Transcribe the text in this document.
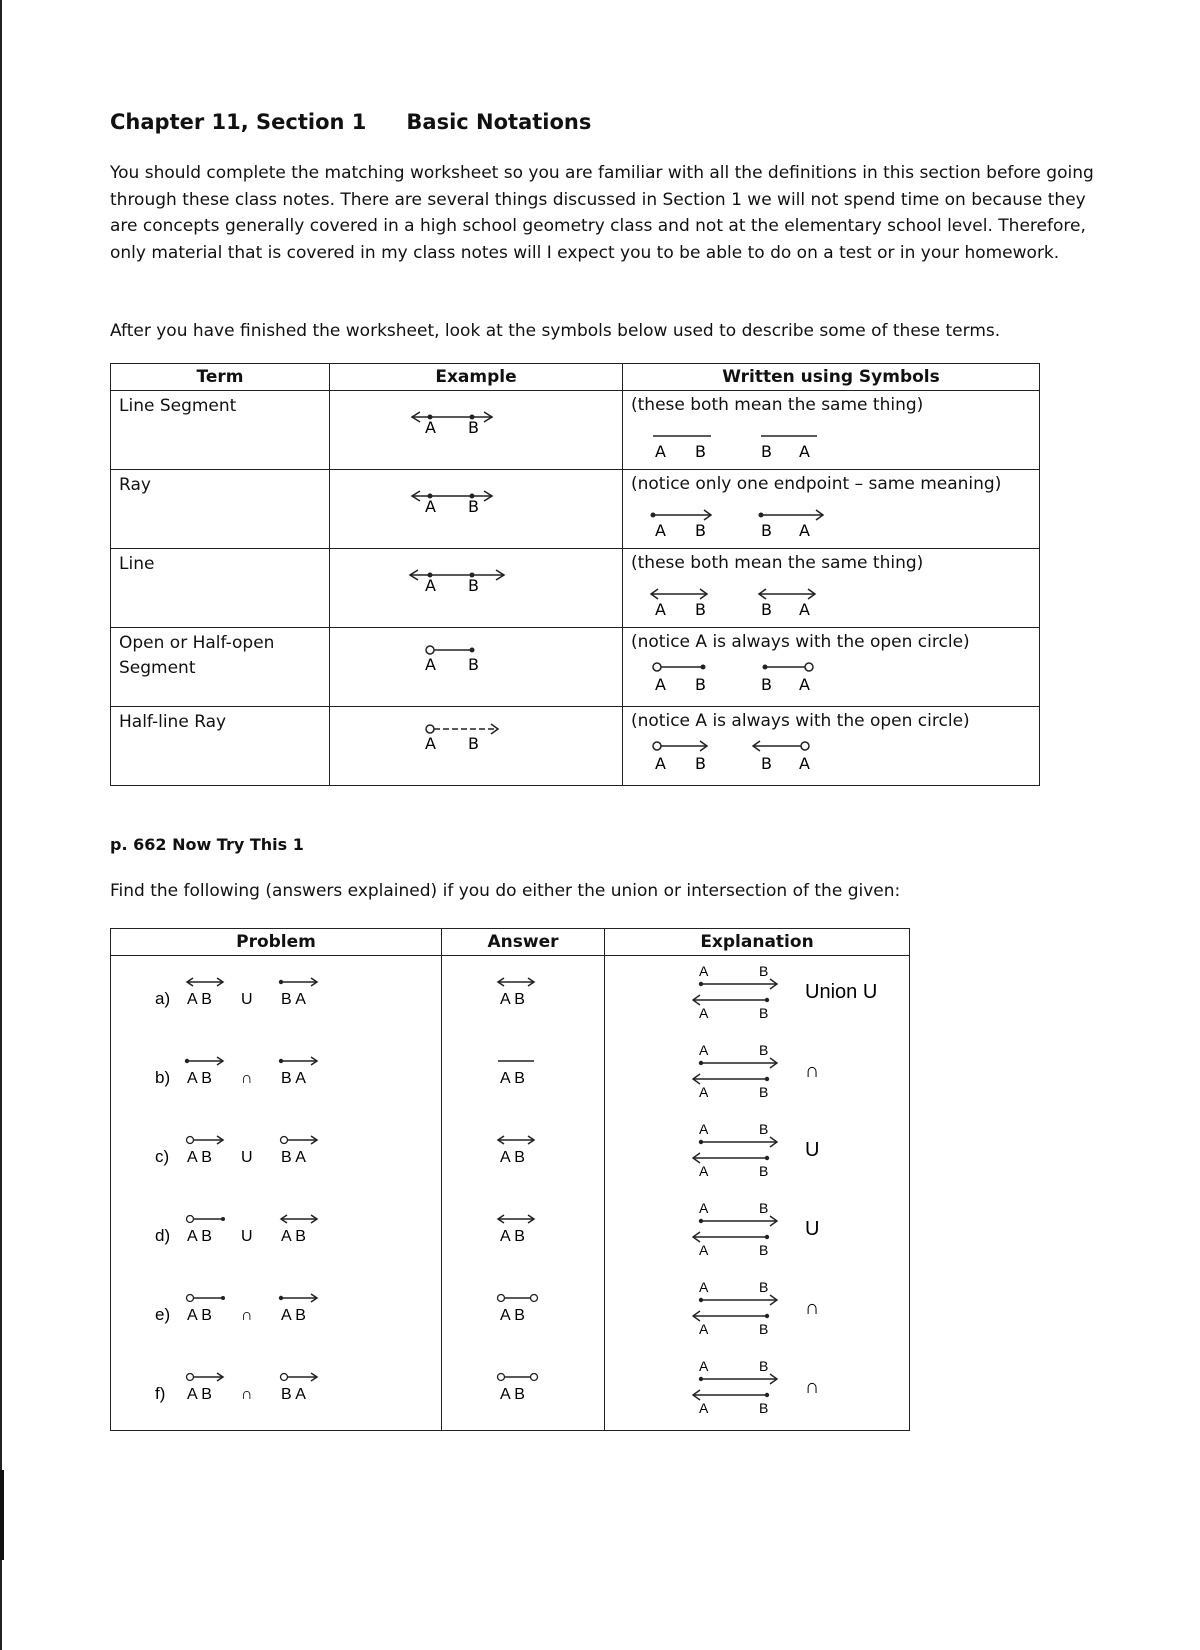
Chapter 11, Section 1 Basic Notations
You should complete the matching worksheet so you are familiar with all the definitions in this section before going through these class notes. There are several things discussed in Section 1 we will not spend time on because they are concepts generally covered in a high school geometry class and not at the elementary school level. Therefore, only material that is covered in my class notes will I expect you to be able to do on a test or in your homework.
After you have finished the worksheet, look at the symbols below used to describe some of these terms.
Term	Example	Written using Symbols

Line Segment	A B	(these both mean the same thing)
A B B A

Ray	A B	(notice only one endpoint – same meaning)
A B B A

Line	A B	(these both mean the same thing)
A B B A

Open or Half-open Segment	A B	(notice A is always with the open circle)
A B B A

Half-line Ray	A B	(notice A is always with the open circle)
A B B A
p. 662 Now Try This 1
Find the following (answers explained) if you do either the union or intersection of the given:
Problem	Answer	Explanation

a) A B U B A	A B	A B
A B
Union U

b) A B ∩ B A	A B	A B
A B
∩

c) A B U B A	A B	A B
A B
U

d) A B U A B	A B	A B
A B
U

e) A B ∩ A B	A B	A B
A B
∩

f) A B ∩ B A	A B	A B
A B
∩
